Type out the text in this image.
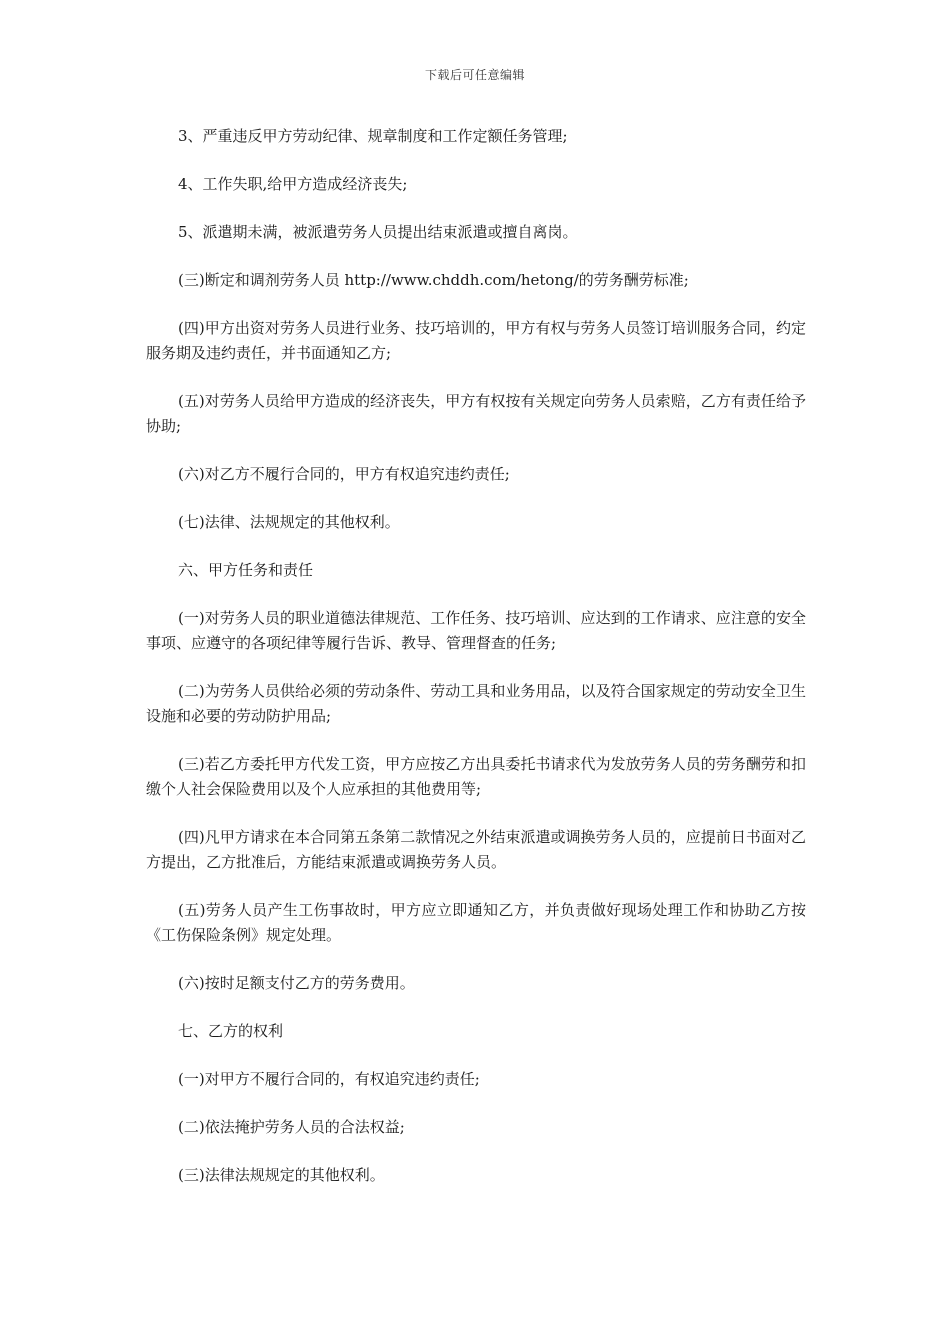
下载后可任意编辑

3、严重违反甲方劳动纪律、规章制度和工作定额任务管理;

4、工作失职,给甲方造成经济丧失;

5、派遣期未满，被派遣劳务人员提出结束派遣或擅自离岗。

(三)断定和调剂劳务人员 http://www.chddh.com/hetong/的劳务酬劳标准;

(四)甲方出资对劳务人员进行业务、技巧培训的，甲方有权与劳务人员签订培训服务合同，约定服务期及违约责任，并书面通知乙方;

(五)对劳务人员给甲方造成的经济丧失，甲方有权按有关规定向劳务人员索赔，乙方有责任给予协助;

(六)对乙方不履行合同的，甲方有权追究违约责任;

(七)法律、法规规定的其他权利。

六、甲方任务和责任

(一)对劳务人员的职业道德法律规范、工作任务、技巧培训、应达到的工作请求、应注意的安全事项、应遵守的各项纪律等履行告诉、教导、管理督查的任务;

(二)为劳务人员供给必须的劳动条件、劳动工具和业务用品，以及符合国家规定的劳动安全卫生设施和必要的劳动防护用品;

(三)若乙方委托甲方代发工资，甲方应按乙方出具委托书请求代为发放劳务人员的劳务酬劳和扣缴个人社会保险费用以及个人应承担的其他费用等;

(四)凡甲方请求在本合同第五条第二款情况之外结束派遣或调换劳务人员的，应提前日书面对乙方提出，乙方批准后，方能结束派遣或调换劳务人员。

(五)劳务人员产生工伤事故时，甲方应立即通知乙方，并负责做好现场处理工作和协助乙方按《工伤保险条例》规定处理。

(六)按时足额支付乙方的劳务费用。

七、乙方的权利

(一)对甲方不履行合同的，有权追究违约责任;

(二)依法掩护劳务人员的合法权益;

(三)法律法规规定的其他权利。
